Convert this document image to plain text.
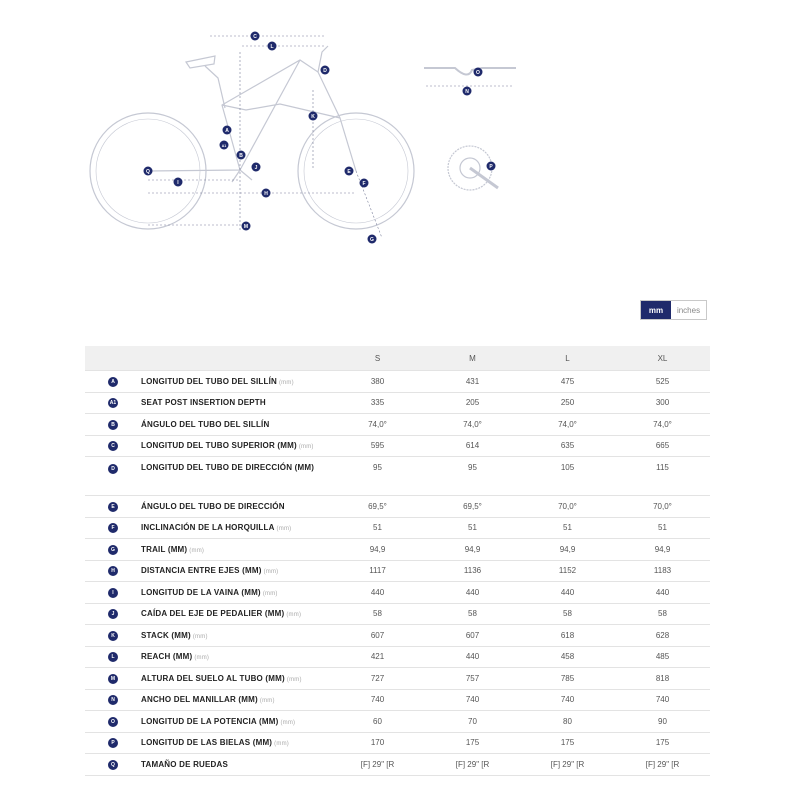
C
L
D
E
A
A1
B
J
K
M
Q
I
H
F
G
O
N
P
mm	inches
		S	M	L	XL
A	LONGITUD DEL TUBO DEL SILLÍN (mm)	380	431	475	525
A1	SEAT POST INSERTION DEPTH	335	205	250	300
B	ÁNGULO DEL TUBO DEL SILLÍN	74,0°	74,0°	74,0°	74,0°
C	LONGITUD DEL TUBO SUPERIOR (MM) (mm)	595	614	635	665
D	LONGITUD DEL TUBO DE DIRECCIÓN (MM)	95	95	105	115
E	ÁNGULO DEL TUBO DE DIRECCIÓN	69,5°	69,5°	70,0°	70,0°
F	INCLINACIÓN DE LA HORQUILLA (mm)	51	51	51	51
G	TRAIL (MM) (mm)	94,9	94,9	94,9	94,9
H	DISTANCIA ENTRE EJES (MM) (mm)	1117	1136	1152	1183
I	LONGITUD DE LA VAINA (MM) (mm)	440	440	440	440
J	CAÍDA DEL EJE DE PEDALIER (MM) (mm)	58	58	58	58
K	STACK (MM) (mm)	607	607	618	628
L	REACH (MM) (mm)	421	440	458	485
M	ALTURA DEL SUELO AL TUBO (MM) (mm)	727	757	785	818
N	ANCHO DEL MANILLAR (MM) (mm)	740	740	740	740
O	LONGITUD DE LA POTENCIA (MM) (mm)	60	70	80	90
P	LONGITUD DE LAS BIELAS (MM) (mm)	170	175	175	175
Q	TAMAÑO DE RUEDAS	[F] 29" [R	[F] 29" [R	[F] 29" [R	[F] 29" [R
